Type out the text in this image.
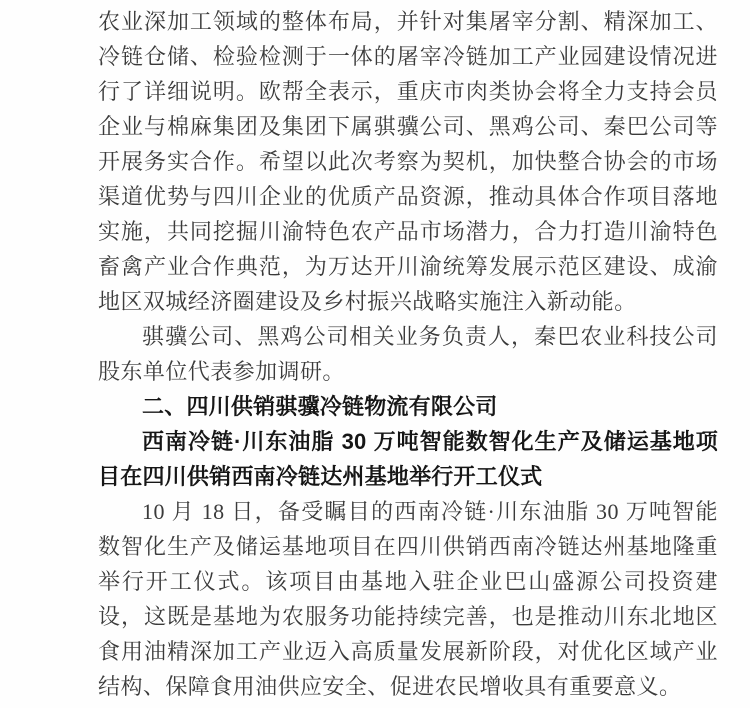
农业深加工领域的整体布局，并针对集屠宰分割、精深加工、冷链仓储、检验检测于一体的屠宰冷链加工产业园建设情况进行了详细说明。欧帮全表示，重庆市肉类协会将全力支持会员企业与棉麻集团及集团下属骐骥公司、黑鸡公司、秦巴公司等开展务实合作。希望以此次考察为契机，加快整合协会的市场渠道优势与四川企业的优质产品资源，推动具体合作项目落地实施，共同挖掘川渝特色农产品市场潜力，合力打造川渝特色畜禽产业合作典范，为万达开川渝统筹发展示范区建设、成渝地区双城经济圈建设及乡村振兴战略实施注入新动能。

骐骥公司、黑鸡公司相关业务负责人，秦巴农业科技公司股东单位代表参加调研。

二、四川供销骐骥冷链物流有限公司

西南冷链·川东油脂 30 万吨智能数智化生产及储运基地项目在四川供销西南冷链达州基地举行开工仪式

10 月 18 日，备受瞩目的西南冷链·川东油脂 30 万吨智能数智化生产及储运基地项目在四川供销西南冷链达州基地隆重举行开工仪式。该项目由基地入驻企业巴山盛源公司投资建设，这既是基地为农服务功能持续完善，也是推动川东北地区食用油精深加工产业迈入高质量发展新阶段，对优化区域产业结构、保障食用油供应安全、促进农民增收具有重要意义。
